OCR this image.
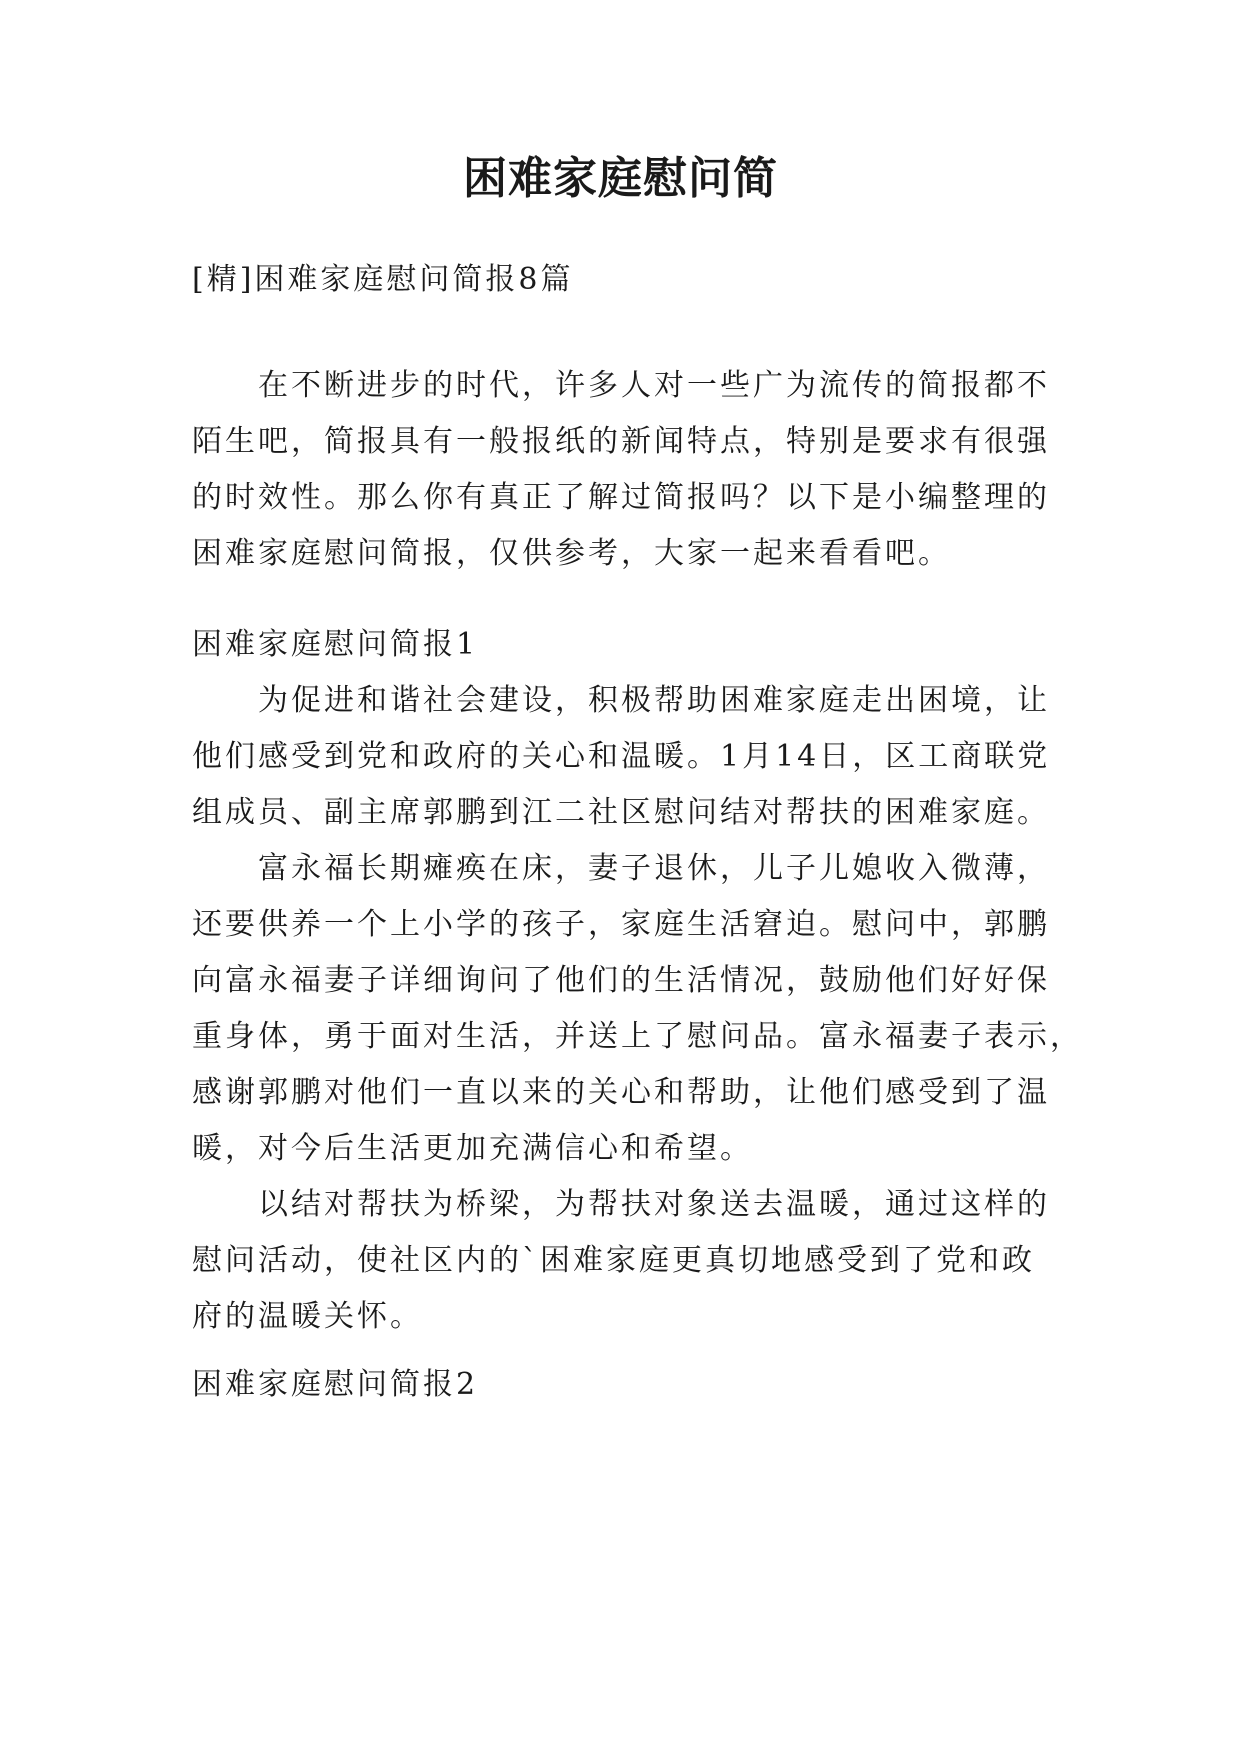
困难家庭慰问简
[精]困难家庭慰问简报8篇
在不断进步的时代，许多人对一些广为流传的简报都不
陌生吧，简报具有一般报纸的新闻特点，特别是要求有很强
的时效性。那么你有真正了解过简报吗？以下是小编整理的
困难家庭慰问简报，仅供参考，大家一起来看看吧。
困难家庭慰问简报1
为促进和谐社会建设，积极帮助困难家庭走出困境，让
他们感受到党和政府的关心和温暖。1月14日，区工商联党
组成员、副主席郭鹏到江二社区慰问结对帮扶的困难家庭。
富永福长期瘫痪在床，妻子退休，儿子儿媳收入微薄，
还要供养一个上小学的孩子，家庭生活窘迫。慰问中，郭鹏
向富永福妻子详细询问了他们的生活情况，鼓励他们好好保
重身体，勇于面对生活，并送上了慰问品。富永福妻子表示，
感谢郭鹏对他们一直以来的关心和帮助，让他们感受到了温
暖，对今后生活更加充满信心和希望。
以结对帮扶为桥梁，为帮扶对象送去温暖，通过这样的
慰问活动，使社区内的`困难家庭更真切地感受到了党和政
府的温暖关怀。
困难家庭慰问简报2
